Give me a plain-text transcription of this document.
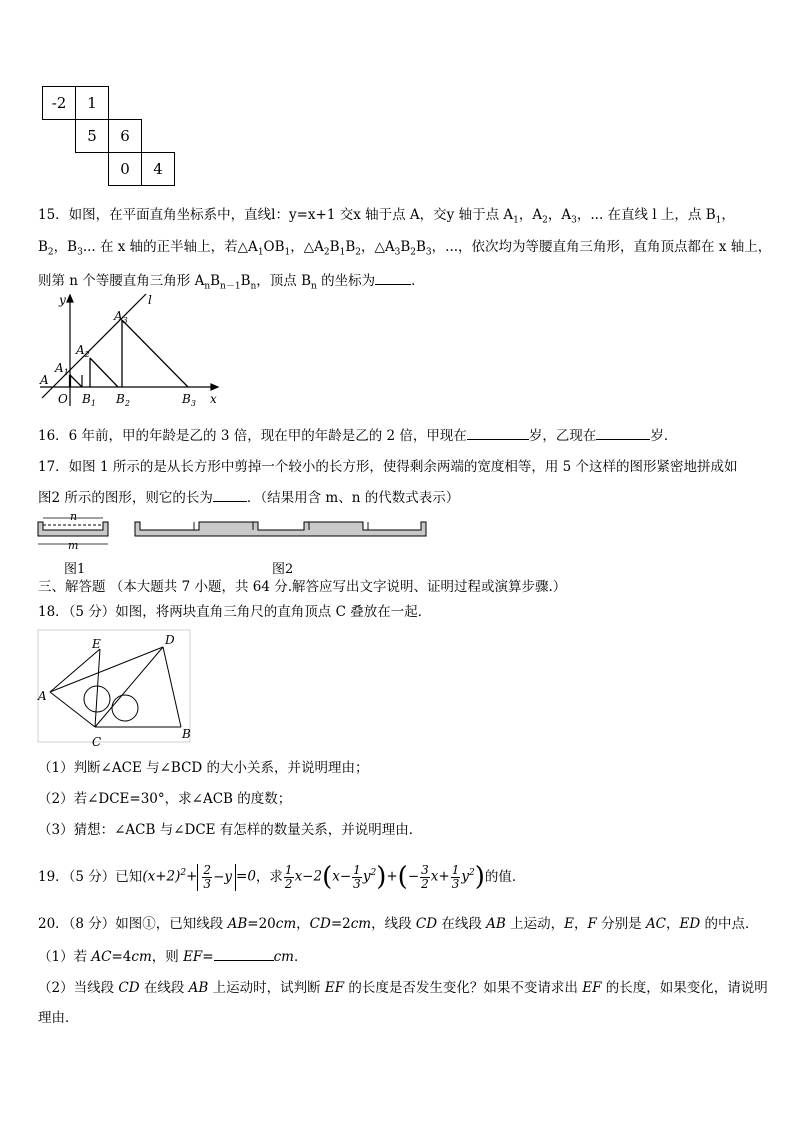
-2 1
5 6
0 4
15．如图，在平面直角坐标系中，直线l：y=x+1 交x 轴于点 A，交y 轴于点 $A_1$，$A_2$，$A_3$，... 在直线 l 上，点 $B_1$，
$B_2$，$B_3$... 在 x 轴的正半轴上，若$\triangle A_1OB_1$，$\triangle A_2B_1B_2$，$\triangle A_3B_2B_3$，...，依次均为等腰直角三角形，直角顶点都在 x 轴上，
则第 n 个等腰直角三角形 $A_nB_{n-1}B_n$，顶点 $B_n$ 的坐标为	．
y	l
$A_3$
$A_2$
$A_1$
A
O $B_1$ $B_2$	$B_3$ x
16．6 年前，甲的年龄是乙的 3 倍，现在甲的年龄是乙的 2 倍，甲现在	岁，乙现在	岁．
17．如图 1 所示的是从长方形中剪掉一个较小的长方形，使得剩余两端的宽度相等，用 5 个这样的图形紧密地拼成如
图2 所示的图形，则它的长为	．（结果用含 m、n 的代数式表示）
n
m
图1	图2
三、解答题 （本大题共 7 小题，共 64 分.解答应写出文字说明、证明过程或演算步骤.）
18．（5 分）如图，将两块直角三角尺的直角顶点 C 叠放在一起．
E	D
A
C
B
（1）判断∠ACE 与∠BCD 的大小关系，并说明理由；
（2）若∠DCE=30°，求∠ACB 的度数；
（3）猜想：∠ACB 与∠DCE 有怎样的数量关系，并说明理由．
19．（5 分）已知 $(x+2)^2+ \frac{2}{3} -y =0$ ，求 $\frac{1}{2} x-2(x- \frac{1}{3} y^2)+(- \frac{3}{2} x+ \frac{1}{3} y^2)$ 的值．
20．（8 分）如图①，已知线段 AB=20cm，CD=2cm，线段 CD 在线段 AB 上运动，E，F 分别是 AC，ED 的中点．
（1）若 AC=4cm，则 EF=	cm．
（2）当线段 CD 在线段 AB 上运动时，试判断 EF 的长度是否发生变化？如果不变请求出 EF 的长度，如果变化，请说明
理由．
